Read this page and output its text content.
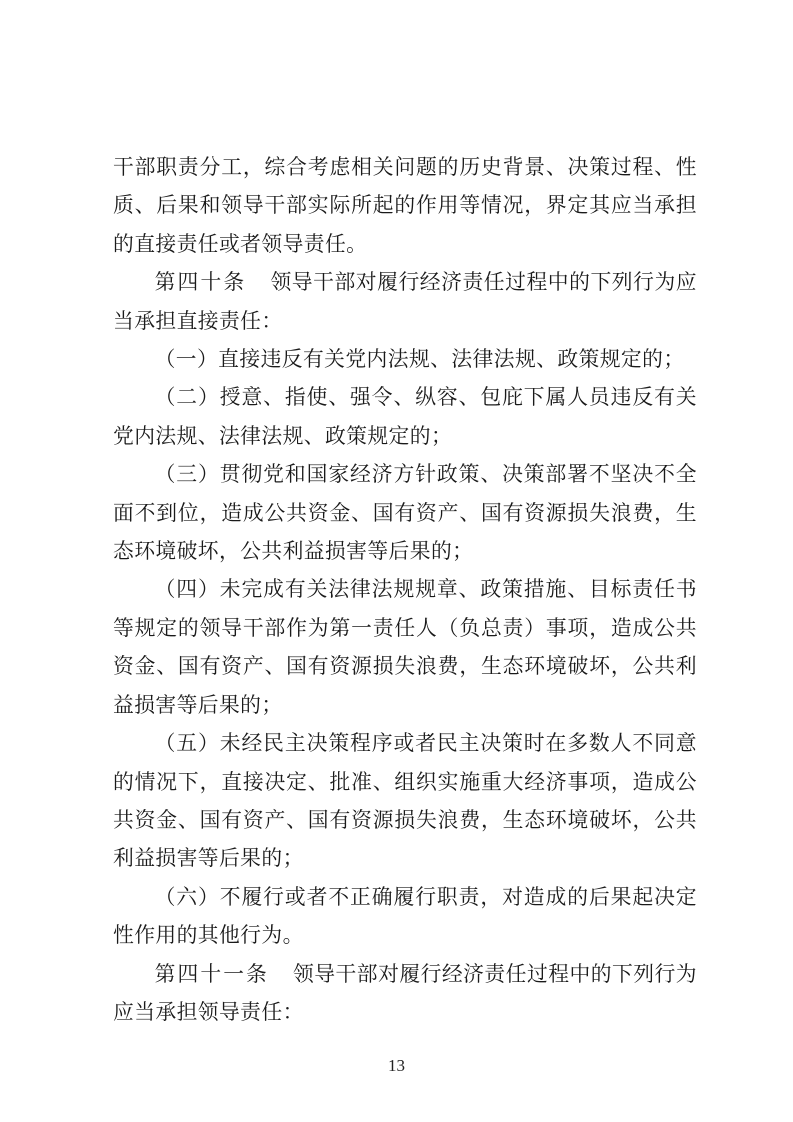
干部职责分工，综合考虑相关问题的历史背景、决策过程、性质、后果和领导干部实际所起的作用等情况，界定其应当承担的直接责任或者领导责任。

第四十条 领导干部对履行经济责任过程中的下列行为应当承担直接责任：

（一）直接违反有关党内法规、法律法规、政策规定的；

（二）授意、指使、强令、纵容、包庇下属人员违反有关党内法规、法律法规、政策规定的；

（三）贯彻党和国家经济方针政策、决策部署不坚决不全面不到位，造成公共资金、国有资产、国有资源损失浪费，生态环境破坏，公共利益损害等后果的；

（四）未完成有关法律法规规章、政策措施、目标责任书等规定的领导干部作为第一责任人（负总责）事项，造成公共资金、国有资产、国有资源损失浪费，生态环境破坏，公共利益损害等后果的；

（五）未经民主决策程序或者民主决策时在多数人不同意的情况下，直接决定、批准、组织实施重大经济事项，造成公共资金、国有资产、国有资源损失浪费，生态环境破坏，公共利益损害等后果的；

（六）不履行或者不正确履行职责，对造成的后果起决定性作用的其他行为。

第四十一条 领导干部对履行经济责任过程中的下列行为应当承担领导责任：

13
